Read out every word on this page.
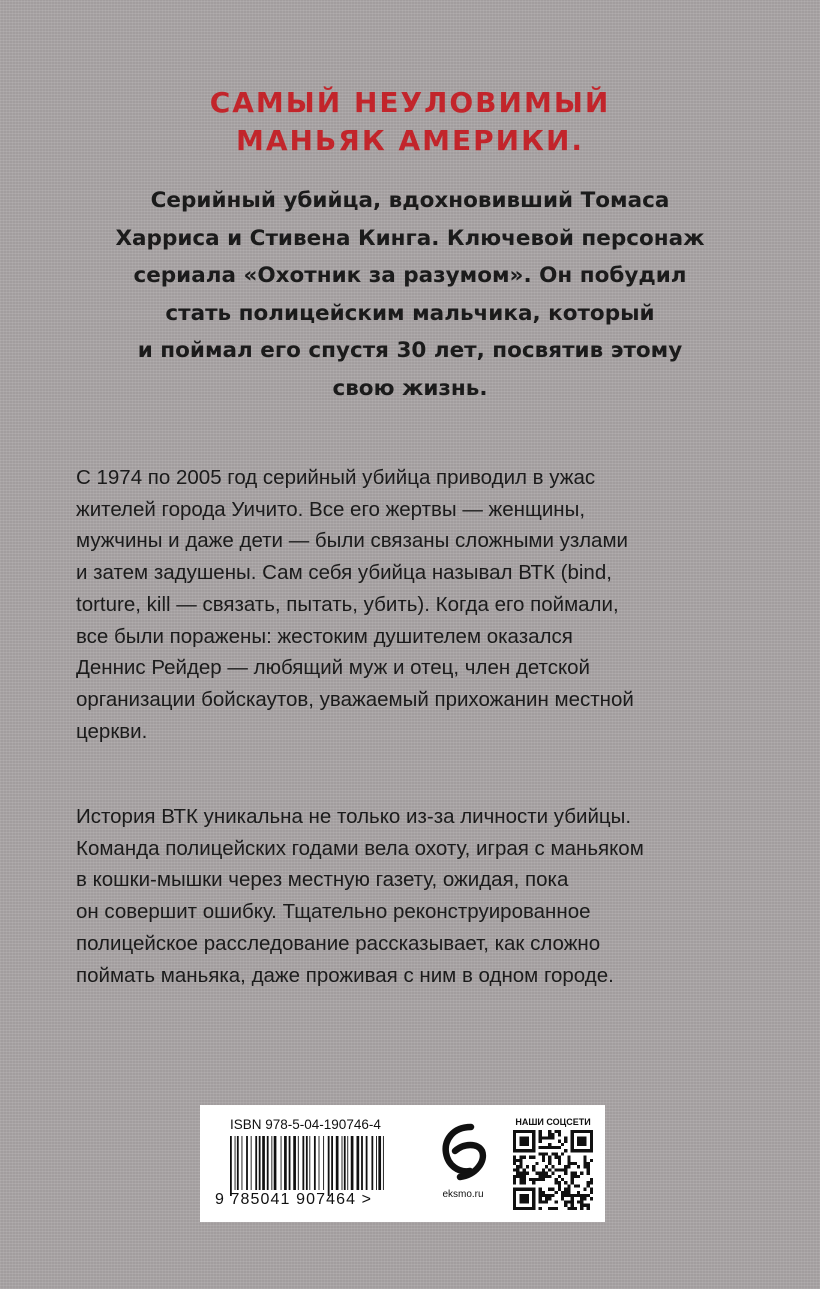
САМЫЙ НЕУЛОВИМЫЙ
МАНЬЯК АМЕРИКИ.
Серийный убийца, вдохновивший Томаса
Харриса и Стивена Кинга. Ключевой персонаж
сериала «Охотник за разумом». Он побудил
стать полицейским мальчика, который
и поймал его спустя 30 лет, посвятив этому
свою жизнь.
С 1974 по 2005 год серийный убийца приводил в ужас
жителей города Уичито. Все его жертвы — женщины,
мужчины и даже дети — были связаны сложными узлами
и затем задушены. Сам себя убийца называл ВТК (bind,
torture, kill — связать, пытать, убить). Когда его поймали,
все были поражены: жестоким душителем оказался
Деннис Рейдер — любящий муж и отец, член детской
организации бойскаутов, уважаемый прихожанин местной
церкви.
История ВТК уникальна не только из-за личности убийцы.
Команда полицейских годами вела охоту, играя с маньяком
в кошки-мышки через местную газету, ожидая, пока
он совершит ошибку. Тщательно реконструированное
полицейское расследование рассказывает, как сложно
поймать маньяка, даже проживая с ним в одном городе.
ISBN 978-5-04-190746-4
9 785041 907464 >	eksmo.ru
НАШИ СОЦСЕТИ
